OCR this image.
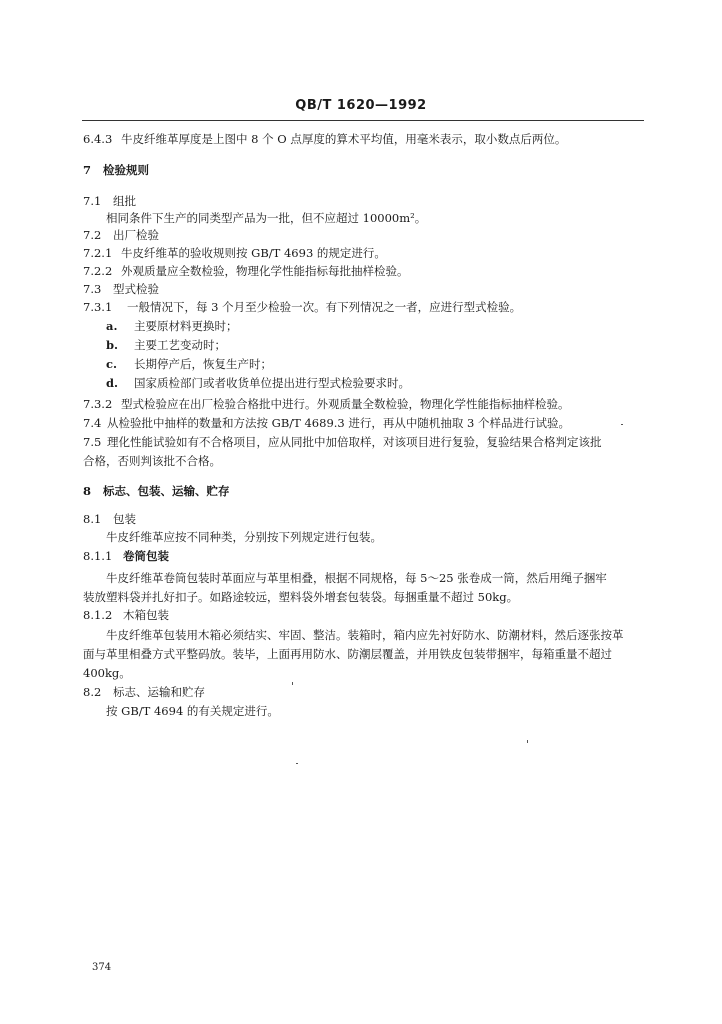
QB/T 1620—1992
6.4.3 牛皮纤维革厚度是上图中 8 个 O 点厚度的算术平均值，用毫米表示，取小数点后两位。
7 检验规则
7.1 组批
相同条件下生产的同类型产品为一批，但不应超过 10000m²。
7.2 出厂检验
7.2.1 牛皮纤维革的验收规则按 GB/T 4693 的规定进行。
7.2.2 外观质量应全数检验，物理化学性能指标每批抽样检验。
7.3 型式检验
7.3.1 一般情况下，每 3 个月至少检验一次。有下列情况之一者，应进行型式检验。
a. 主要原材料更换时；
b. 主要工艺变动时；
c. 长期停产后，恢复生产时；
d. 国家质检部门或者收货单位提出进行型式检验要求时。
7.3.2 型式检验应在出厂检验合格批中进行。外观质量全数检验，物理化学性能指标抽样检验。
7.4 从检验批中抽样的数量和方法按 GB/T 4689.3 进行，再从中随机抽取 3 个样品进行试验。
7.5 理化性能试验如有不合格项目，应从同批中加倍取样，对该项目进行复验，复验结果合格判定该批
合格，否则判该批不合格。
8 标志、包装、运输、贮存
8.1 包装
牛皮纤维革应按不同种类，分别按下列规定进行包装。
8.1.1 卷筒包装
牛皮纤维革卷筒包装时革面应与革里相叠，根据不同规格，每 5～25 张卷成一筒，然后用绳子捆牢
装放塑料袋并扎好扣子。如路途较远，塑料袋外增套包装袋。每捆重量不超过 50kg。
8.1.2 木箱包装
牛皮纤维革包装用木箱必须结实、牢固、整洁。装箱时，箱内应先衬好防水、防潮材料，然后逐张按革
面与革里相叠方式平整码放。装毕，上面再用防水、防潮层覆盖，并用铁皮包装带捆牢，每箱重量不超过
400kg。
8.2 标志、运输和贮存
按 GB/T 4694 的有关规定进行。
374
